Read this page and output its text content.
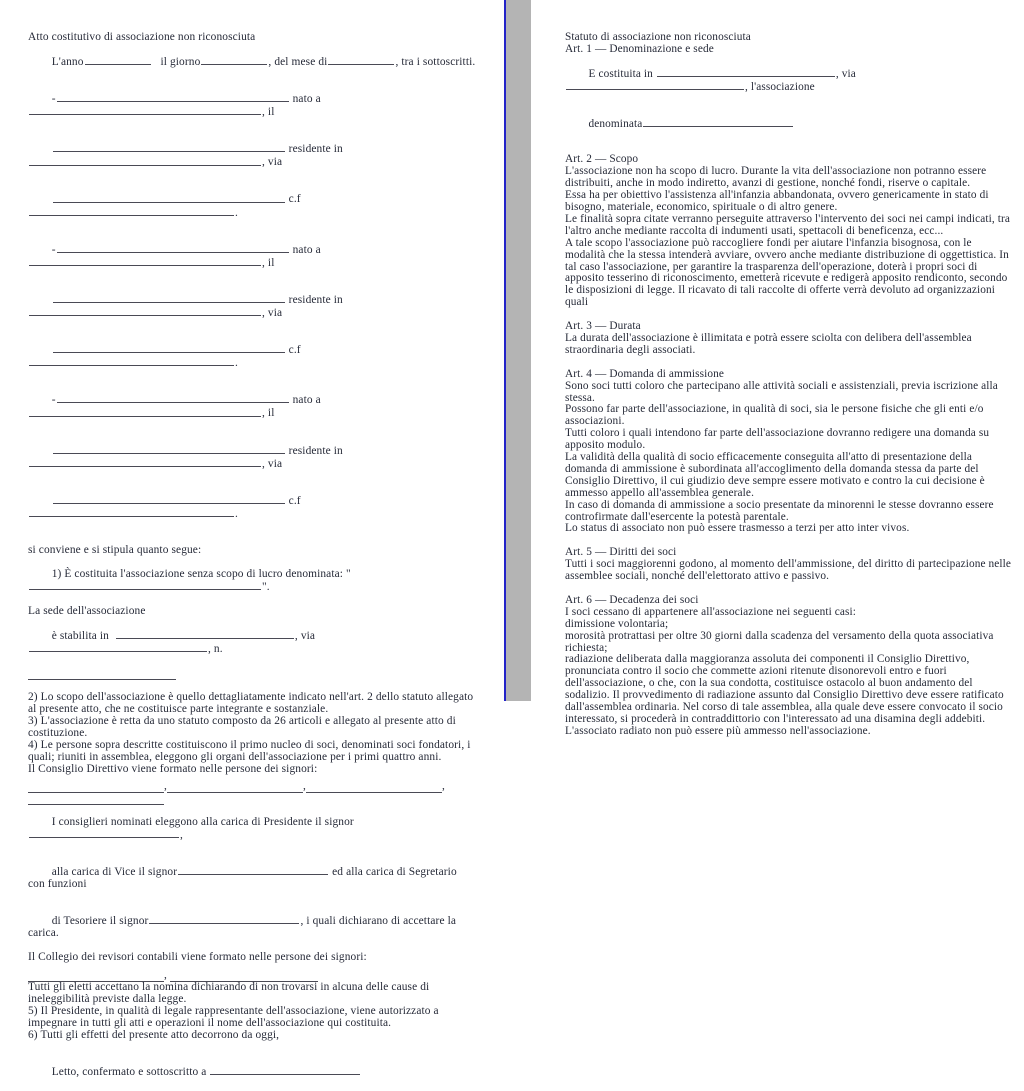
Atto costitutivo di associazione non riconosciuta

L'anno	il giorno	, del mese di	, tra i sottoscritti.

-	nato a, il

residente in, via

c.f.

-	nato a, il

residente in, via

c.f.

-	nato a, il

residente in, via

c.f.

si conviene e si stipula quanto segue:

1) È costituita l'associazione senza scopo di lucro denominata: "".

La sede dell'associazione

è stabilita in	, via, n.

2) Lo scopo dell'associazione è quello dettagliatamente indicato nell'art. 2 dello statuto allegato al presente atto, che ne costituisce parte integrante e sostanziale.

3) L'associazione è retta da uno statuto composto da 26 articoli e allegato al presente atto di costituzione.

4) Le persone sopra descritte costituiscono il primo nucleo di soci, denominati soci fondatori, i quali; riuniti in assemblea, eleggono gli organi dell'associazione per i primi quattro anni.

Il Consiglio Direttivo viene formato nelle persone dei signori:

,	,	,

I consiglieri nominati eleggono alla carica di Presidente il signor,

alla carica di Vice il signor	ed alla carica di Segretario con funzioni

di Tesoriere il signor	, i quali dichiarano di accettare la carica.

Il Collegio dei revisori contabili viene formato nelle persone dei signori:
,

Tutti gli eletti accettano la nomina dichiarando di non trovarsi in alcuna delle cause di ineleggibilità previste dalla legge.

5) Il Presidente, in qualità di legale rappresentante dell'associazione, viene autorizzato a impegnare in tutti gli atti e operazioni il nome dell'associazione qui costituita.

6) Tutti gli effetti del presente atto decorrono da oggi,

Letto, confermato e sottoscritto a

Statuto di associazione non riconosciuta
Art. 1 — Denominazione e sede

E costituita in	, via , l'associazione

denominata

Art. 2 — Scopo

L'associazione non ha scopo di lucro. Durante la vita dell'associazione non potranno essere distribuiti, anche in modo indiretto, avanzi di gestione, nonché fondi, riserve o capitale.

Essa ha per obiettivo l'assistenza all'infanzia abbandonata, ovvero genericamente in stato di bisogno, materiale, economico, spirituale o di altro genere.

Le finalità sopra citate verranno perseguite attraverso l'intervento dei soci nei campi indicati, tra l'altro anche mediante raccolta di indumenti usati, spettacoli di beneficenza, ecc...

A tale scopo l'associazione può raccogliere fondi per aiutare l'infanzia bisognosa, con le modalità che la stessa intenderà avviare, ovvero anche mediante distribuzione di oggettistica. In tal caso l'associazione, per garantire la trasparenza dell'operazione, doterà i propri soci di apposito tesserino di riconoscimento, emetterà ricevute e redigerà apposito rendiconto, secondo le disposizioni di legge. Il ricavato di tali raccolte di offerte verrà devoluto ad organizzazioni quali

Art. 3 — Durata

La durata dell'associazione è illimitata e potrà essere sciolta con delibera dell'assemblea straordinaria degli associati.

Art. 4 — Domanda di ammissione

Sono soci tutti coloro che partecipano alle attività sociali e assistenziali, previa iscrizione alla stessa.

Possono far parte dell'associazione, in qualità di soci, sia le persone fisiche che gli enti e/o associazioni.

Tutti coloro i quali intendono far parte dell'associazione dovranno redigere una domanda su apposito modulo.

La validità della qualità di socio efficacemente conseguita all'atto di presentazione della domanda di ammissione è subordinata all'accoglimento della domanda stessa da parte del Consiglio Direttivo, il cui giudizio deve sempre essere motivato e contro la cui decisione è ammesso appello all'assemblea generale.

In caso di domanda di ammissione a socio presentate da minorenni le stesse dovranno essere controfirmate dall'esercente la potestà parentale.

Lo status di associato non può essere trasmesso a terzi per atto inter vivos.

Art. 5 — Diritti dei soci

Tutti i soci maggiorenni godono, al momento dell'ammissione, del diritto di partecipazione nelle assemblee sociali, nonché dell'elettorato attivo e passivo.

Art. 6 — Decadenza dei soci

I soci cessano di appartenere all'associazione nei seguenti casi:

dimissione volontaria;

morosità protrattasi per oltre 30 giorni dalla scadenza del versamento della quota associativa richiesta;

radiazione deliberata dalla maggioranza assoluta dei componenti il Consiglio Direttivo, pronunciata contro il socio che commette azioni ritenute disonorevoli entro e fuori dell'associazione, o che, con la sua condotta, costituisce ostacolo al buon andamento del sodalizio. Il provvedimento di radiazione assunto dal Consiglio Direttivo deve essere ratificato dall'assemblea ordinaria. Nel corso di tale assemblea, alla quale deve essere convocato il socio interessato, si procederà in contraddittorio con l'interessato ad una disamina degli addebiti. L'associato radiato non può essere più ammesso nell'associazione.
